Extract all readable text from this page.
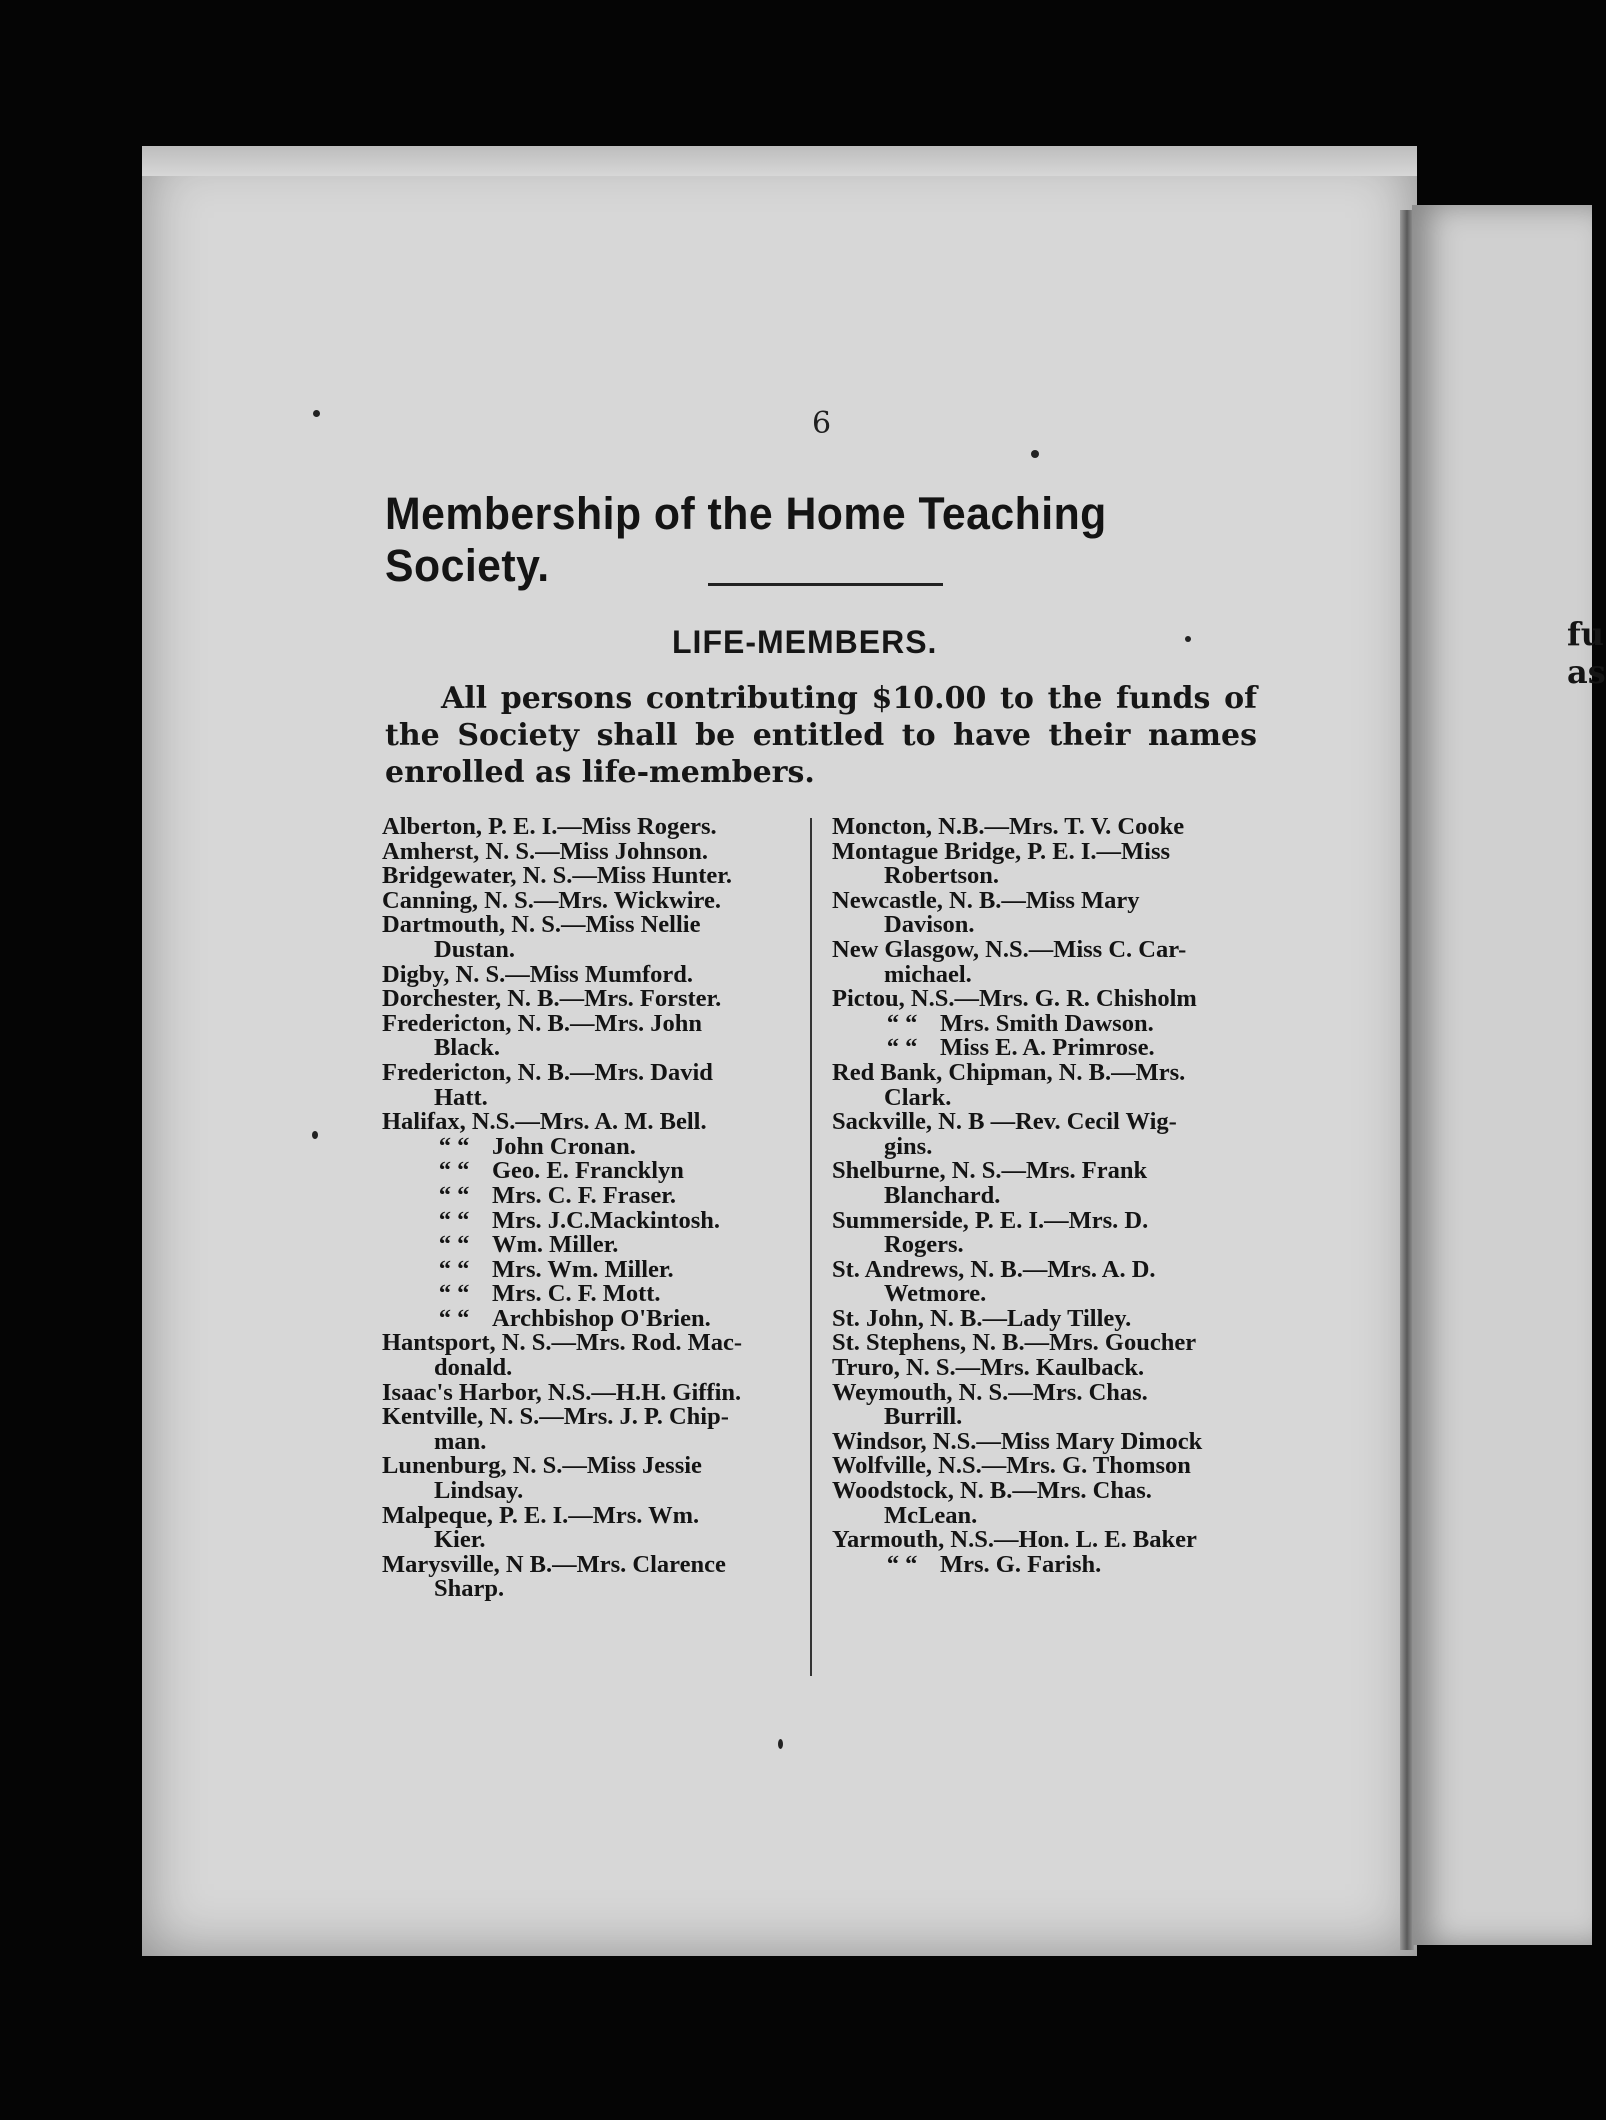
fu
as
6
Membership of the Home Teaching Society.
LIFE-MEMBERS.
All persons contributing $10.00 to the funds of the Society shall be entitled to have their names enrolled as life-members.
Alberton, P. E. I.—Miss Rogers.
Amherst, N. S.—Miss Johnson.
Bridgewater, N. S.—Miss Hunter.
Canning, N. S.—Mrs. Wickwire.
Dartmouth, N. S.—Miss Nellie
Dustan.
Digby, N. S.—Miss Mumford.
Dorchester, N. B.—Mrs. Forster.
Fredericton, N. B.—Mrs. John
Black.
Fredericton, N. B.—Mrs. David
Hatt.
Halifax, N.S.—Mrs. A. M. Bell.
“ “ John Cronan.
“ “ Geo. E. Francklyn
“ “ Mrs. C. F. Fraser.
“ “ Mrs. J.C.Mackintosh.
“ “ Wm. Miller.
“ “ Mrs. Wm. Miller.
“ “ Mrs. C. F. Mott.
“ “ Archbishop O'Brien.
Hantsport, N. S.—Mrs. Rod. Mac-
donald.
Isaac's Harbor, N.S.—H.H. Giffin.
Kentville, N. S.—Mrs. J. P. Chip-
man.
Lunenburg, N. S.—Miss Jessie
Lindsay.
Malpeque, P. E. I.—Mrs. Wm.
Kier.
Marysville, N B.—Mrs. Clarence
Sharp.
Moncton, N.B.—Mrs. T. V. Cooke
Montague Bridge, P. E. I.—Miss
Robertson.
Newcastle, N. B.—Miss Mary
Davison.
New Glasgow, N.S.—Miss C. Car-
michael.
Pictou, N.S.—Mrs. G. R. Chisholm
“ “ Mrs. Smith Dawson.
“ “ Miss E. A. Primrose.
Red Bank, Chipman, N. B.—Mrs.
Clark.
Sackville, N. B —Rev. Cecil Wig-
gins.
Shelburne, N. S.—Mrs. Frank
Blanchard.
Summerside, P. E. I.—Mrs. D.
Rogers.
St. Andrews, N. B.—Mrs. A. D.
Wetmore.
St. John, N. B.—Lady Tilley.
St. Stephens, N. B.—Mrs. Goucher
Truro, N. S.—Mrs. Kaulback.
Weymouth, N. S.—Mrs. Chas.
Burrill.
Windsor, N.S.—Miss Mary Dimock
Wolfville, N.S.—Mrs. G. Thomson
Woodstock, N. B.—Mrs. Chas.
McLean.
Yarmouth, N.S.—Hon. L. E. Baker
“ “ Mrs. G. Farish.
